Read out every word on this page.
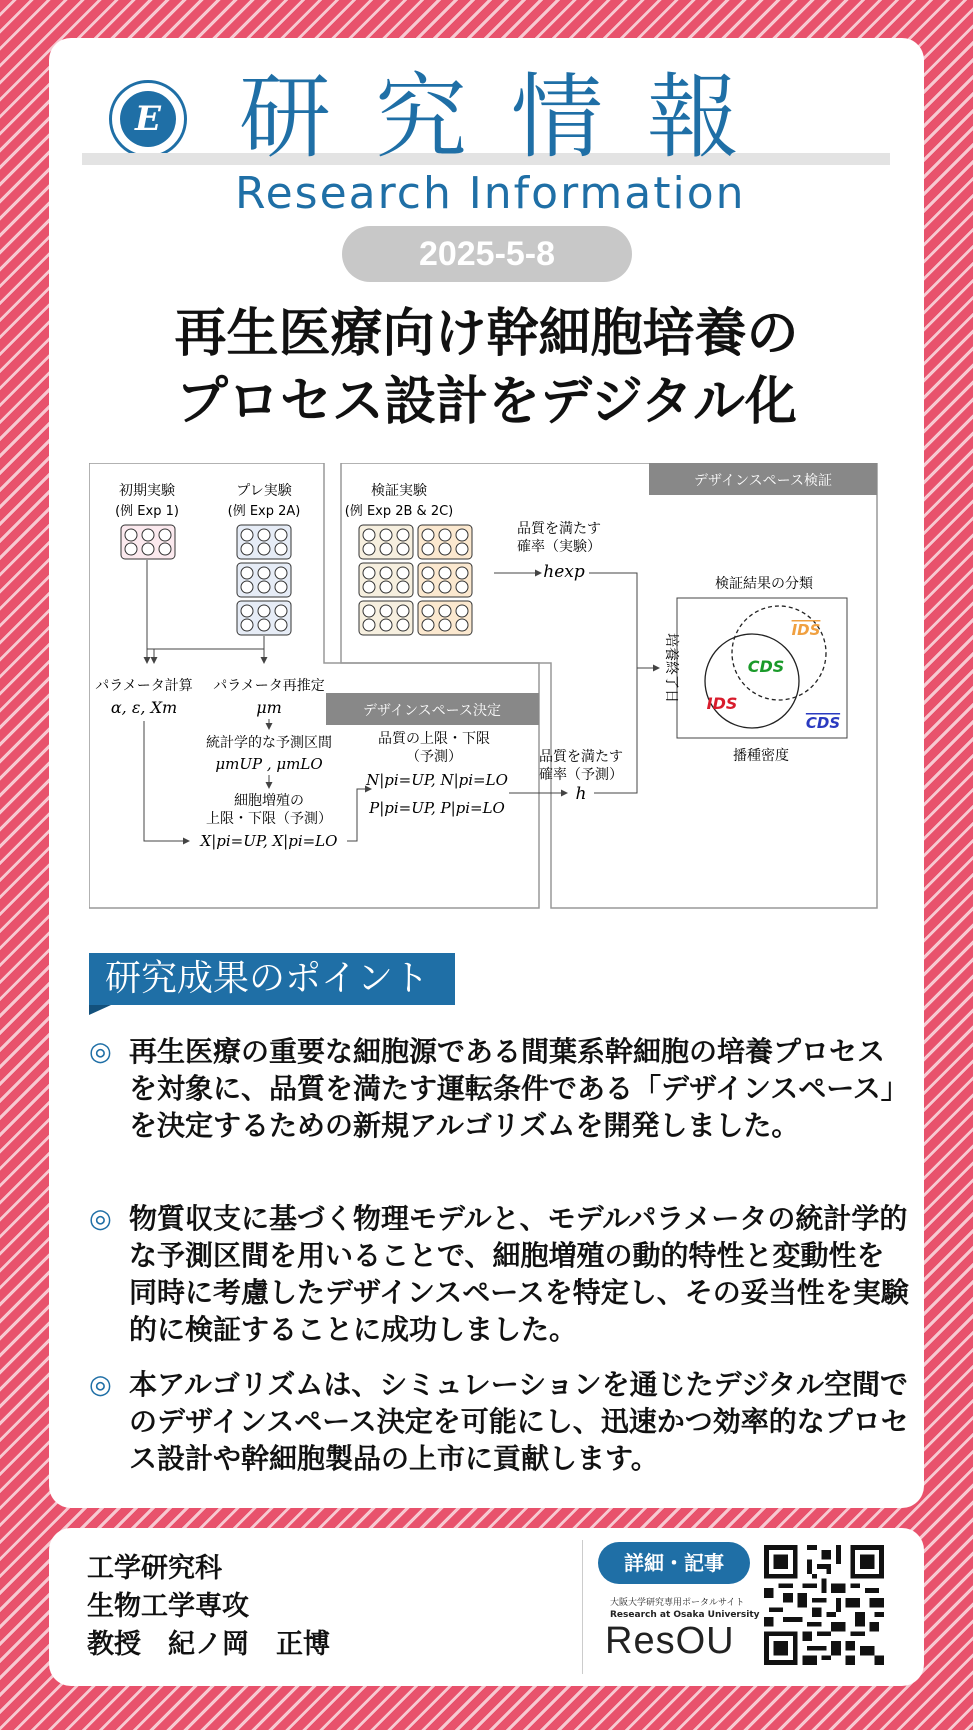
E 研究情報
Research Information
2025-5-8
再生医療向け幹細胞培養の
プロセス設計をデジタル化
デザインスペース決定
デザインスペース検証
初期実験
(例 Exp 1)
プレ実験
(例 Exp 2A)
パラメータ計算
α, ε, Xm
パラメータ再推定
μm
統計学的な予測区間
μmUP , μmLO
細胞増殖の
上限・下限（予測）
X|pi=UP, X|pi=LO
品質の上限・下限
（予測）
N|pi=UP, N|pi=LO
P|pi=UP, P|pi=LO
品質を満たす
確率（予測）
h
検証実験
(例 Exp 2B & 2C)
品質を満たす
確率（実験）
hexp
検証結果の分類
培養終了日
播種密度
IDS
CDS
IDS
CDS
研究成果のポイント
◎ 再生医療の重要な細胞源である間葉系幹細胞の培養プロセスを対象に、品質を満たす運転条件である「デザインスペース」を決定するための新規アルゴリズムを開発しました。
◎ 物質収支に基づく物理モデルと、モデルパラメータの統計学的な予測区間を用いることで、細胞増殖の動的特性と変動性を同時に考慮したデザインスペースを特定し、その妥当性を実験的に検証することに成功しました。
◎ 本アルゴリズムは、シミュレーションを通じたデジタル空間でのデザインスペース決定を可能にし、迅速かつ効率的なプロセス設計や幹細胞製品の上市に貢献します。
工学研究科
生物工学専攻
教授　紀ノ岡　正博
詳細・記事
大阪大学研究専用ポータルサイト
Research at Osaka University
ResOU
